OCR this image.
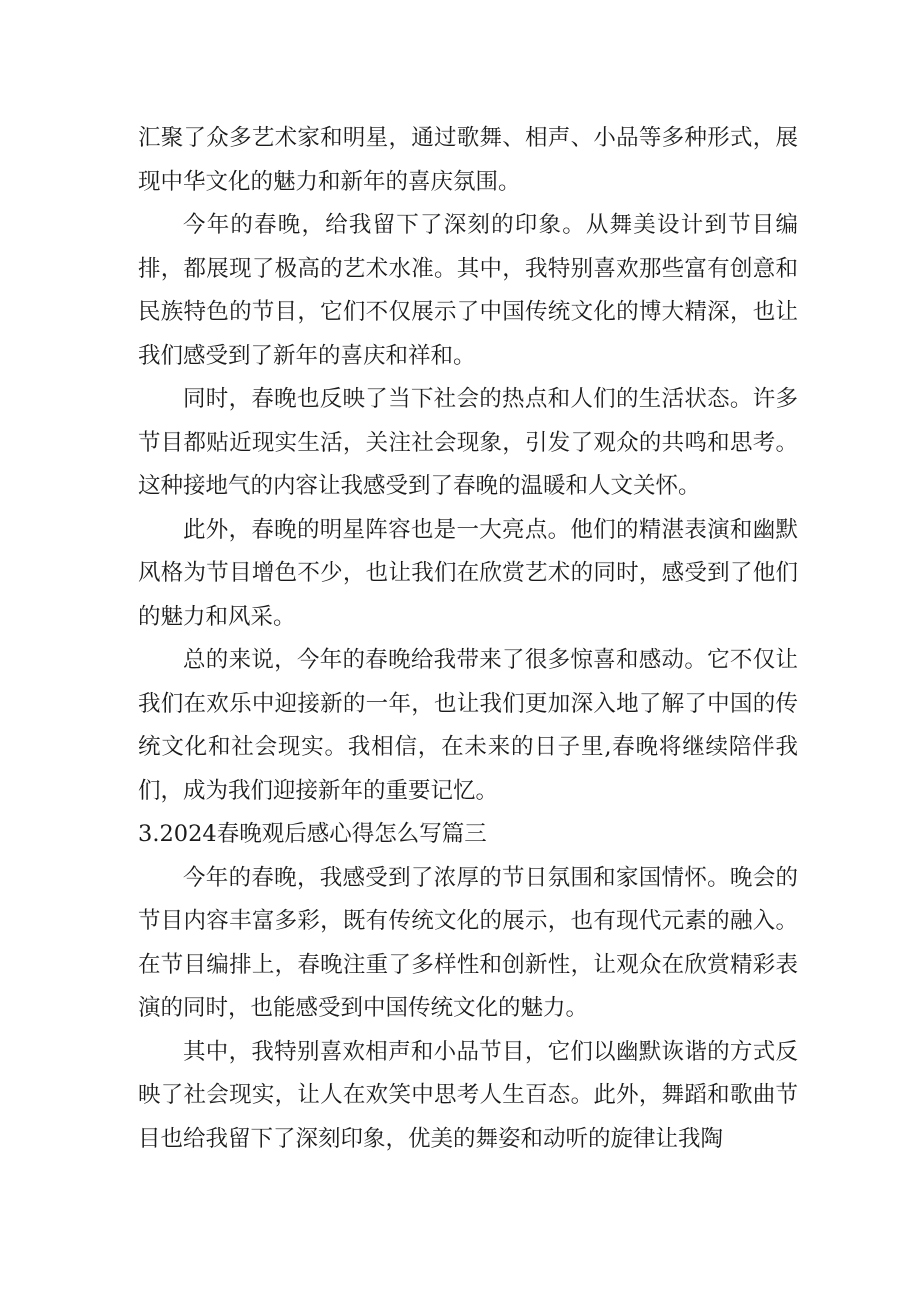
汇聚了众多艺术家和明星，通过歌舞、相声、小品等多种形式，展现中华文化的魅力和新年的喜庆氛围。

今年的春晚，给我留下了深刻的印象。从舞美设计到节目编排，都展现了极高的艺术水准。其中，我特别喜欢那些富有创意和民族特色的节目，它们不仅展示了中国传统文化的博大精深，也让我们感受到了新年的喜庆和祥和。

同时，春晚也反映了当下社会的热点和人们的生活状态。许多节目都贴近现实生活，关注社会现象，引发了观众的共鸣和思考。这种接地气的内容让我感受到了春晚的温暖和人文关怀。

此外，春晚的明星阵容也是一大亮点。他们的精湛表演和幽默风格为节目增色不少，也让我们在欣赏艺术的同时，感受到了他们的魅力和风采。

总的来说，今年的春晚给我带来了很多惊喜和感动。它不仅让我们在欢乐中迎接新的一年，也让我们更加深入地了解了中国的传统文化和社会现实。我相信，在未来的日子里,春晚将继续陪伴我们，成为我们迎接新年的重要记忆。

3.2024春晚观后感心得怎么写篇三

今年的春晚，我感受到了浓厚的节日氛围和家国情怀。晚会的节目内容丰富多彩，既有传统文化的展示，也有现代元素的融入。在节目编排上，春晚注重了多样性和创新性，让观众在欣赏精彩表演的同时，也能感受到中国传统文化的魅力。

其中，我特别喜欢相声和小品节目，它们以幽默诙谐的方式反映了社会现实，让人在欢笑中思考人生百态。此外，舞蹈和歌曲节目也给我留下了深刻印象，优美的舞姿和动听的旋律让我陶
